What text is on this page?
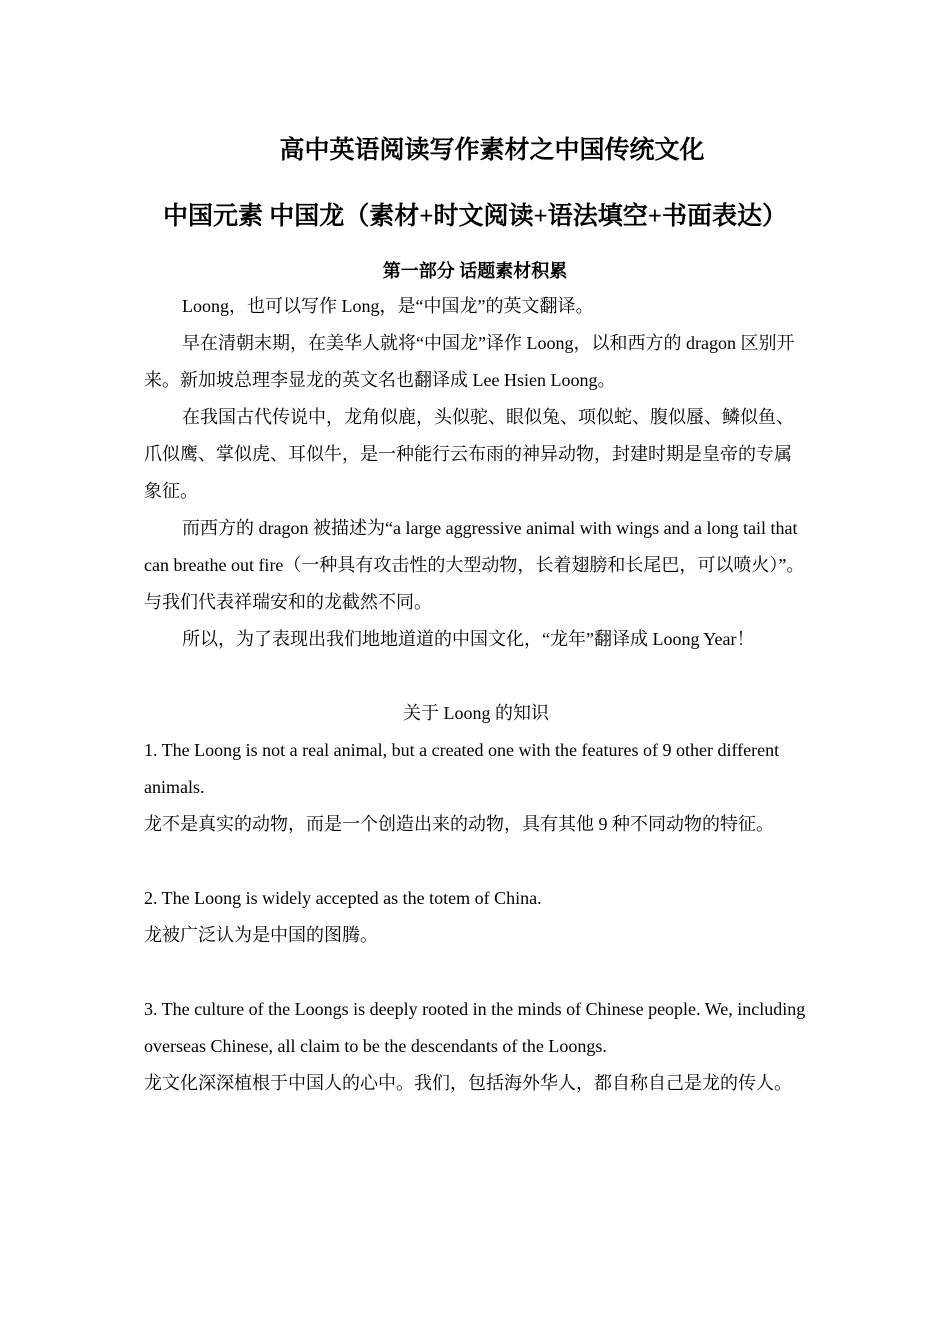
高中英语阅读写作素材之中国传统文化
中国元素 中国龙（素材+时文阅读+语法填空+书面表达）
第一部分 话题素材积累

Loong，也可以写作 Long，是“中国龙”的英文翻译。

早在清朝末期，在美华人就将“中国龙”译作 Loong，以和西方的 dragon 区别开来。新加坡总理李显龙的英文名也翻译成 Lee Hsien Loong。

在我国古代传说中，龙角似鹿，头似驼、眼似兔、项似蛇、腹似蜃、鳞似鱼、爪似鹰、掌似虎、耳似牛，是一种能行云布雨的神异动物，封建时期是皇帝的专属象征。

而西方的 dragon 被描述为“a large aggressive animal with wings and a long tail that can breathe out fire（一种具有攻击性的大型动物，长着翅膀和长尾巴，可以喷火）”。与我们代表祥瑞安和的龙截然不同。

所以，为了表现出我们地地道道的中国文化，“龙年”翻译成 Loong Year！

关于 Loong 的知识

1. The Loong is not a real animal, but a created one with the features of 9 other different animals.

龙不是真实的动物，而是一个创造出来的动物，具有其他 9 种不同动物的特征。

2. The Loong is widely accepted as the totem of China.

龙被广泛认为是中国的图腾。

3. The culture of the Loongs is deeply rooted in the minds of Chinese people. We, including overseas Chinese, all claim to be the descendants of the Loongs.

龙文化深深植根于中国人的心中。我们，包括海外华人，都自称自己是龙的传人。
